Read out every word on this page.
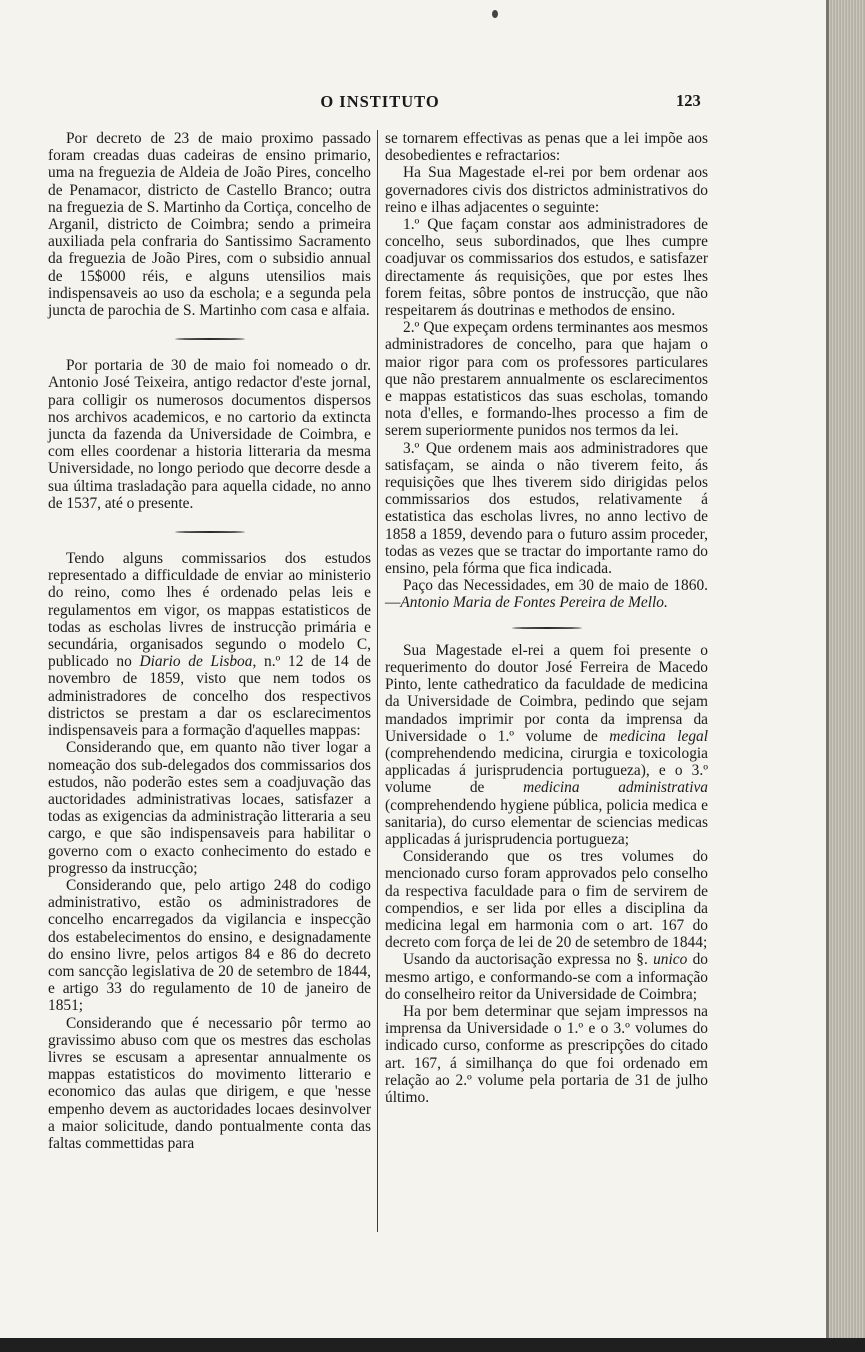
O INSTITUTO	123

Por decreto de 23 de maio proximo passado foram creadas duas cadeiras de ensino primario, uma na freguezia de Aldeia de João Pires, concelho de Penamacor, districto de Castello Branco; outra na freguezia de S. Martinho da Cortiça, concelho de Arganil, districto de Coimbra; sendo a primeira auxiliada pela confraria do Santissimo Sacramento da freguezia de João Pires, com o subsidio annual de 15$000 réis, e alguns utensilios mais indispensaveis ao uso da eschola; e a segunda pela juncta de parochia de S. Martinho com casa e alfaia.

Por portaria de 30 de maio foi nomeado o dr. Antonio José Teixeira, antigo redactor d'este jornal, para colligir os numerosos documentos dispersos nos archivos academicos, e no cartorio da extincta juncta da fazenda da Universidade de Coimbra, e com elles coordenar a historia litteraria da mesma Universidade, no longo periodo que decorre desde a sua última trasladação para aquella cidade, no anno de 1537, até o presente.

Tendo alguns commissarios dos estudos representado a difficuldade de enviar ao ministerio do reino, como lhes é ordenado pelas leis e regulamentos em vigor, os mappas estatisticos de todas as escholas livres de instrucção primária e secundária, organisados segundo o modelo C, publicado no Diario de Lisboa, n.º 12 de 14 de novembro de 1859, visto que nem todos os administradores de concelho dos respectivos districtos se prestam a dar os esclarecimentos indispensaveis para a formação d'aquelles mappas:

Considerando que, em quanto não tiver logar a nomeação dos sub-delegados dos commissarios dos estudos, não poderão estes sem a coadjuvação das auctoridades administrativas locaes, satisfazer a todas as exigencias da administração litteraria a seu cargo, e que são indispensaveis para habilitar o governo com o exacto conhecimento do estado e progresso da instrucção;

Considerando que, pelo artigo 248 do codigo administrativo, estão os administradores de concelho encarregados da vigilancia e inspecção dos estabelecimentos do ensino, e designadamente do ensino livre, pelos artigos 84 e 86 do decreto com sancção legislativa de 20 de setembro de 1844, e artigo 33 do regulamento de 10 de janeiro de 1851;

Considerando que é necessario pôr termo ao gravissimo abuso com que os mestres das escholas livres se escusam a apresentar annualmente os mappas estatisticos do movimento litterario e economico das aulas que dirigem, e que 'nesse empenho devem as auctoridades locaes desinvolver a maior solicitude, dando pontualmente conta das faltas commettidas para

se tornarem effectivas as penas que a lei impõe aos desobedientes e refractarios:

Ha Sua Magestade el-rei por bem ordenar aos governadores civis dos districtos administrativos do reino e ilhas adjacentes o seguinte:

1.º Que façam constar aos administradores de concelho, seus subordinados, que lhes cumpre coadjuvar os commissarios dos estudos, e satisfazer directamente ás requisições, que por estes lhes forem feitas, sôbre pontos de instrucção, que não respeitarem ás doutrinas e methodos de ensino.

2.º Que expeçam ordens terminantes aos mesmos administradores de concelho, para que hajam o maior rigor para com os professores particulares que não prestarem annualmente os esclarecimentos e mappas estatisticos das suas escholas, tomando nota d'elles, e formando-lhes processo a fim de serem superiormente punidos nos termos da lei.

3.º Que ordenem mais aos administradores que satisfaçam, se ainda o não tiverem feito, ás requisições que lhes tiverem sido dirigidas pelos commissarios dos estudos, relativamente á estatistica das escholas livres, no anno lectivo de 1858 a 1859, devendo para o futuro assim proceder, todas as vezes que se tractar do importante ramo do ensino, pela fórma que fica indicada.

Paço das Necessidades, em 30 de maio de 1860.—Antonio Maria de Fontes Pereira de Mello.

Sua Magestade el-rei a quem foi presente o requerimento do doutor José Ferreira de Macedo Pinto, lente cathedratico da faculdade de medicina da Universidade de Coimbra, pedindo que sejam mandados imprimir por conta da imprensa da Universidade o 1.º volume de medicina legal (comprehendendo medicina, cirurgia e toxicologia applicadas á jurisprudencia portugueza), e o 3.º volume de medicina administrativa (comprehendendo hygiene pública, policia medica e sanitaria), do curso elementar de sciencias medicas applicadas á jurisprudencia portugueza;

Considerando que os tres volumes do mencionado curso foram approvados pelo conselho da respectiva faculdade para o fim de servirem de compendios, e ser lida por elles a disciplina da medicina legal em harmonia com o art. 167 do decreto com força de lei de 20 de setembro de 1844;

Usando da auctorisação expressa no §. unico do mesmo artigo, e conformando-se com a informação do conselheiro reitor da Universidade de Coimbra;

Ha por bem determinar que sejam impressos na imprensa da Universidade o 1.º e o 3.º volumes do indicado curso, conforme as prescripções do citado art. 167, á similhança do que foi ordenado em relação ao 2.º volume pela portaria de 31 de julho último.
